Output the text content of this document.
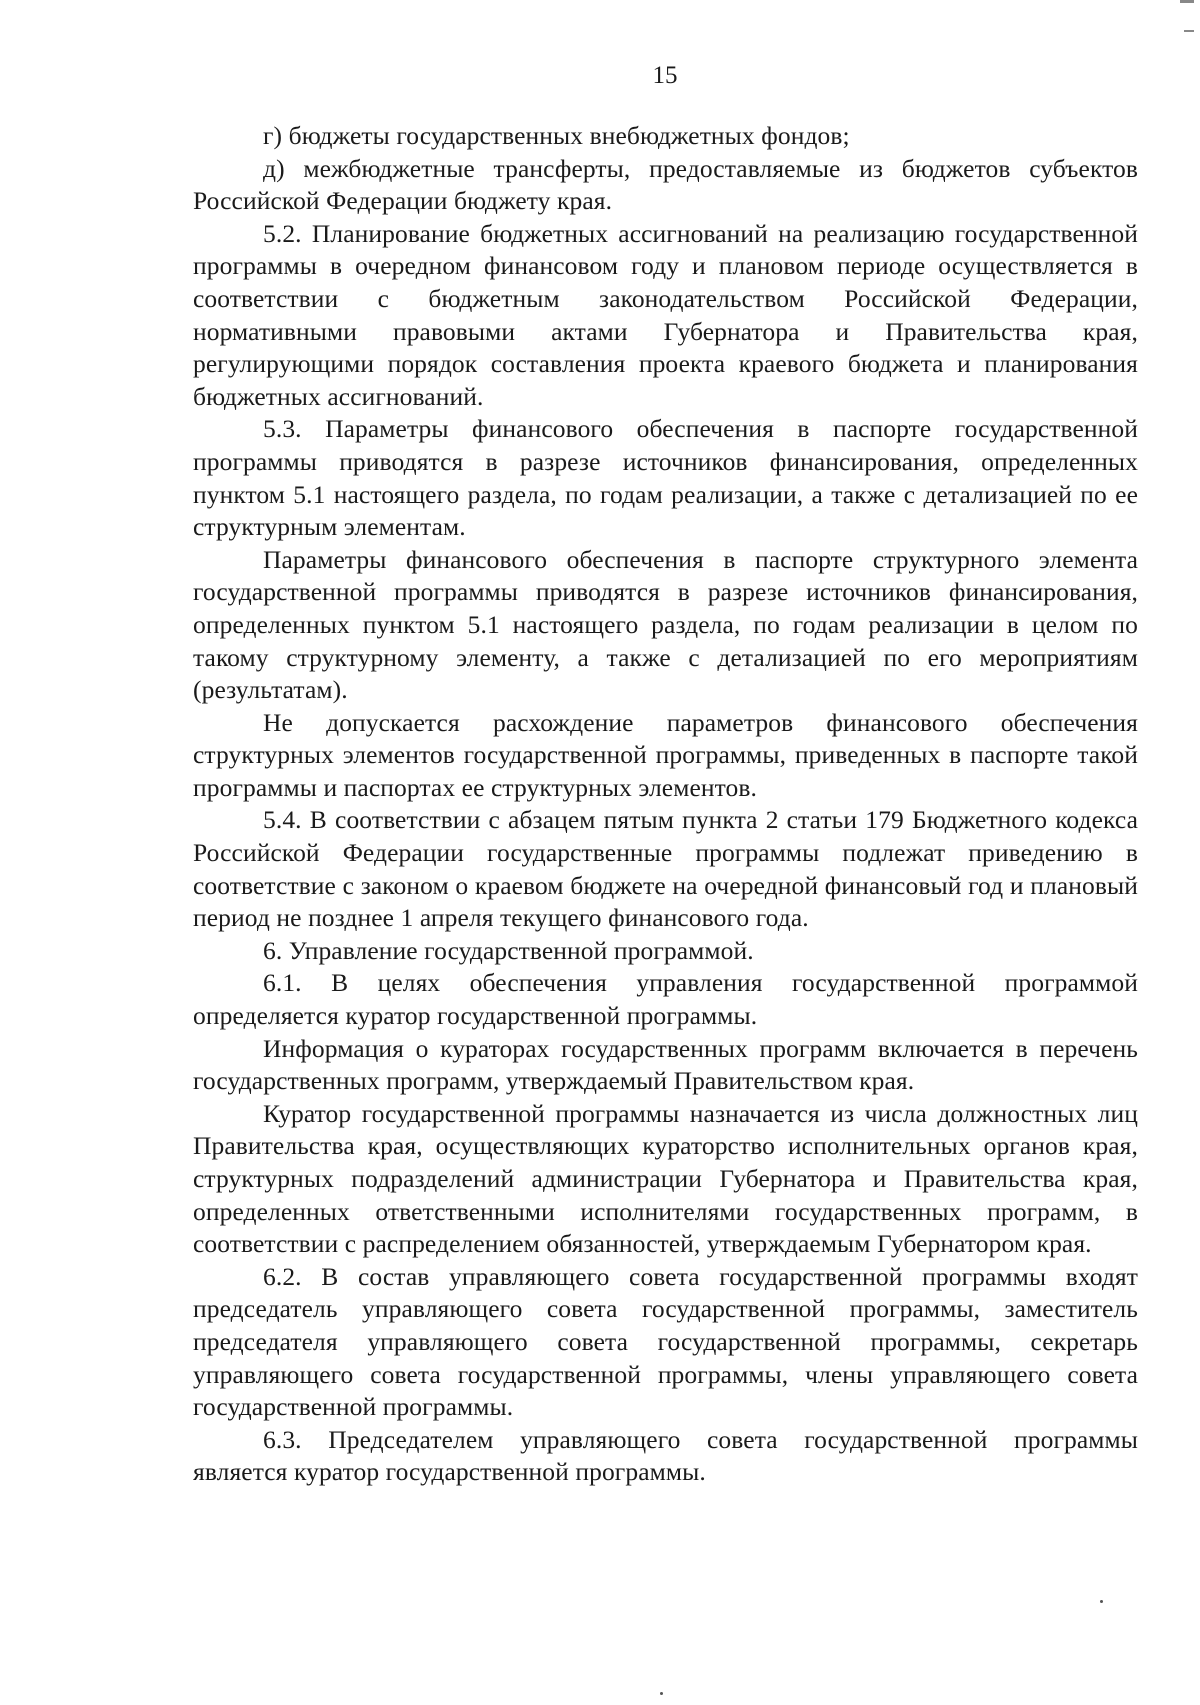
15

г) бюджеты государственных внебюджетных фондов;

д) межбюджетные трансферты, предоставляемые из бюджетов субъектов Российской Федерации бюджету края.

5.2. Планирование бюджетных ассигнований на реализацию государственной программы в очередном финансовом году и плановом периоде осуществляется в соответствии с бюджетным законодательством Российской Федерации, нормативными правовыми актами Губернатора и Правительства края, регулирующими порядок составления проекта краевого бюджета и планирования бюджетных ассигнований.

5.3. Параметры финансового обеспечения в паспорте государственной программы приводятся в разрезе источников финансирования, определенных пунктом 5.1 настоящего раздела, по годам реализации, а также с детализацией по ее структурным элементам.

Параметры финансового обеспечения в паспорте структурного элемента государственной программы приводятся в разрезе источников финансирования, определенных пунктом 5.1 настоящего раздела, по годам реализации в целом по такому структурному элементу, а также с детализацией по его мероприятиям (результатам).

Не допускается расхождение параметров финансового обеспечения структурных элементов государственной программы, приведенных в паспорте такой программы и паспортах ее структурных элементов.

5.4. В соответствии с абзацем пятым пункта 2 статьи 179 Бюджетного кодекса Российской Федерации государственные программы подлежат приведению в соответствие с законом о краевом бюджете на очередной финансовый год и плановый период не позднее 1 апреля текущего финансового года.

6. Управление государственной программой.

6.1. В целях обеспечения управления государственной программой определяется куратор государственной программы.

Информация о кураторах государственных программ включается в перечень государственных программ, утверждаемый Правительством края.

Куратор государственной программы назначается из числа должностных лиц Правительства края, осуществляющих кураторство исполнительных органов края, структурных подразделений администрации Губернатора и Правительства края, определенных ответственными исполнителями государственных программ, в соответствии с распределением обязанностей, утверждаемым Губернатором края.

6.2. В состав управляющего совета государственной программы входят председатель управляющего совета государственной программы, заместитель председателя управляющего совета государственной программы, секретарь управляющего совета государственной программы, члены управляющего совета государственной программы.

6.3. Председателем управляющего совета государственной программы является куратор государственной программы.
